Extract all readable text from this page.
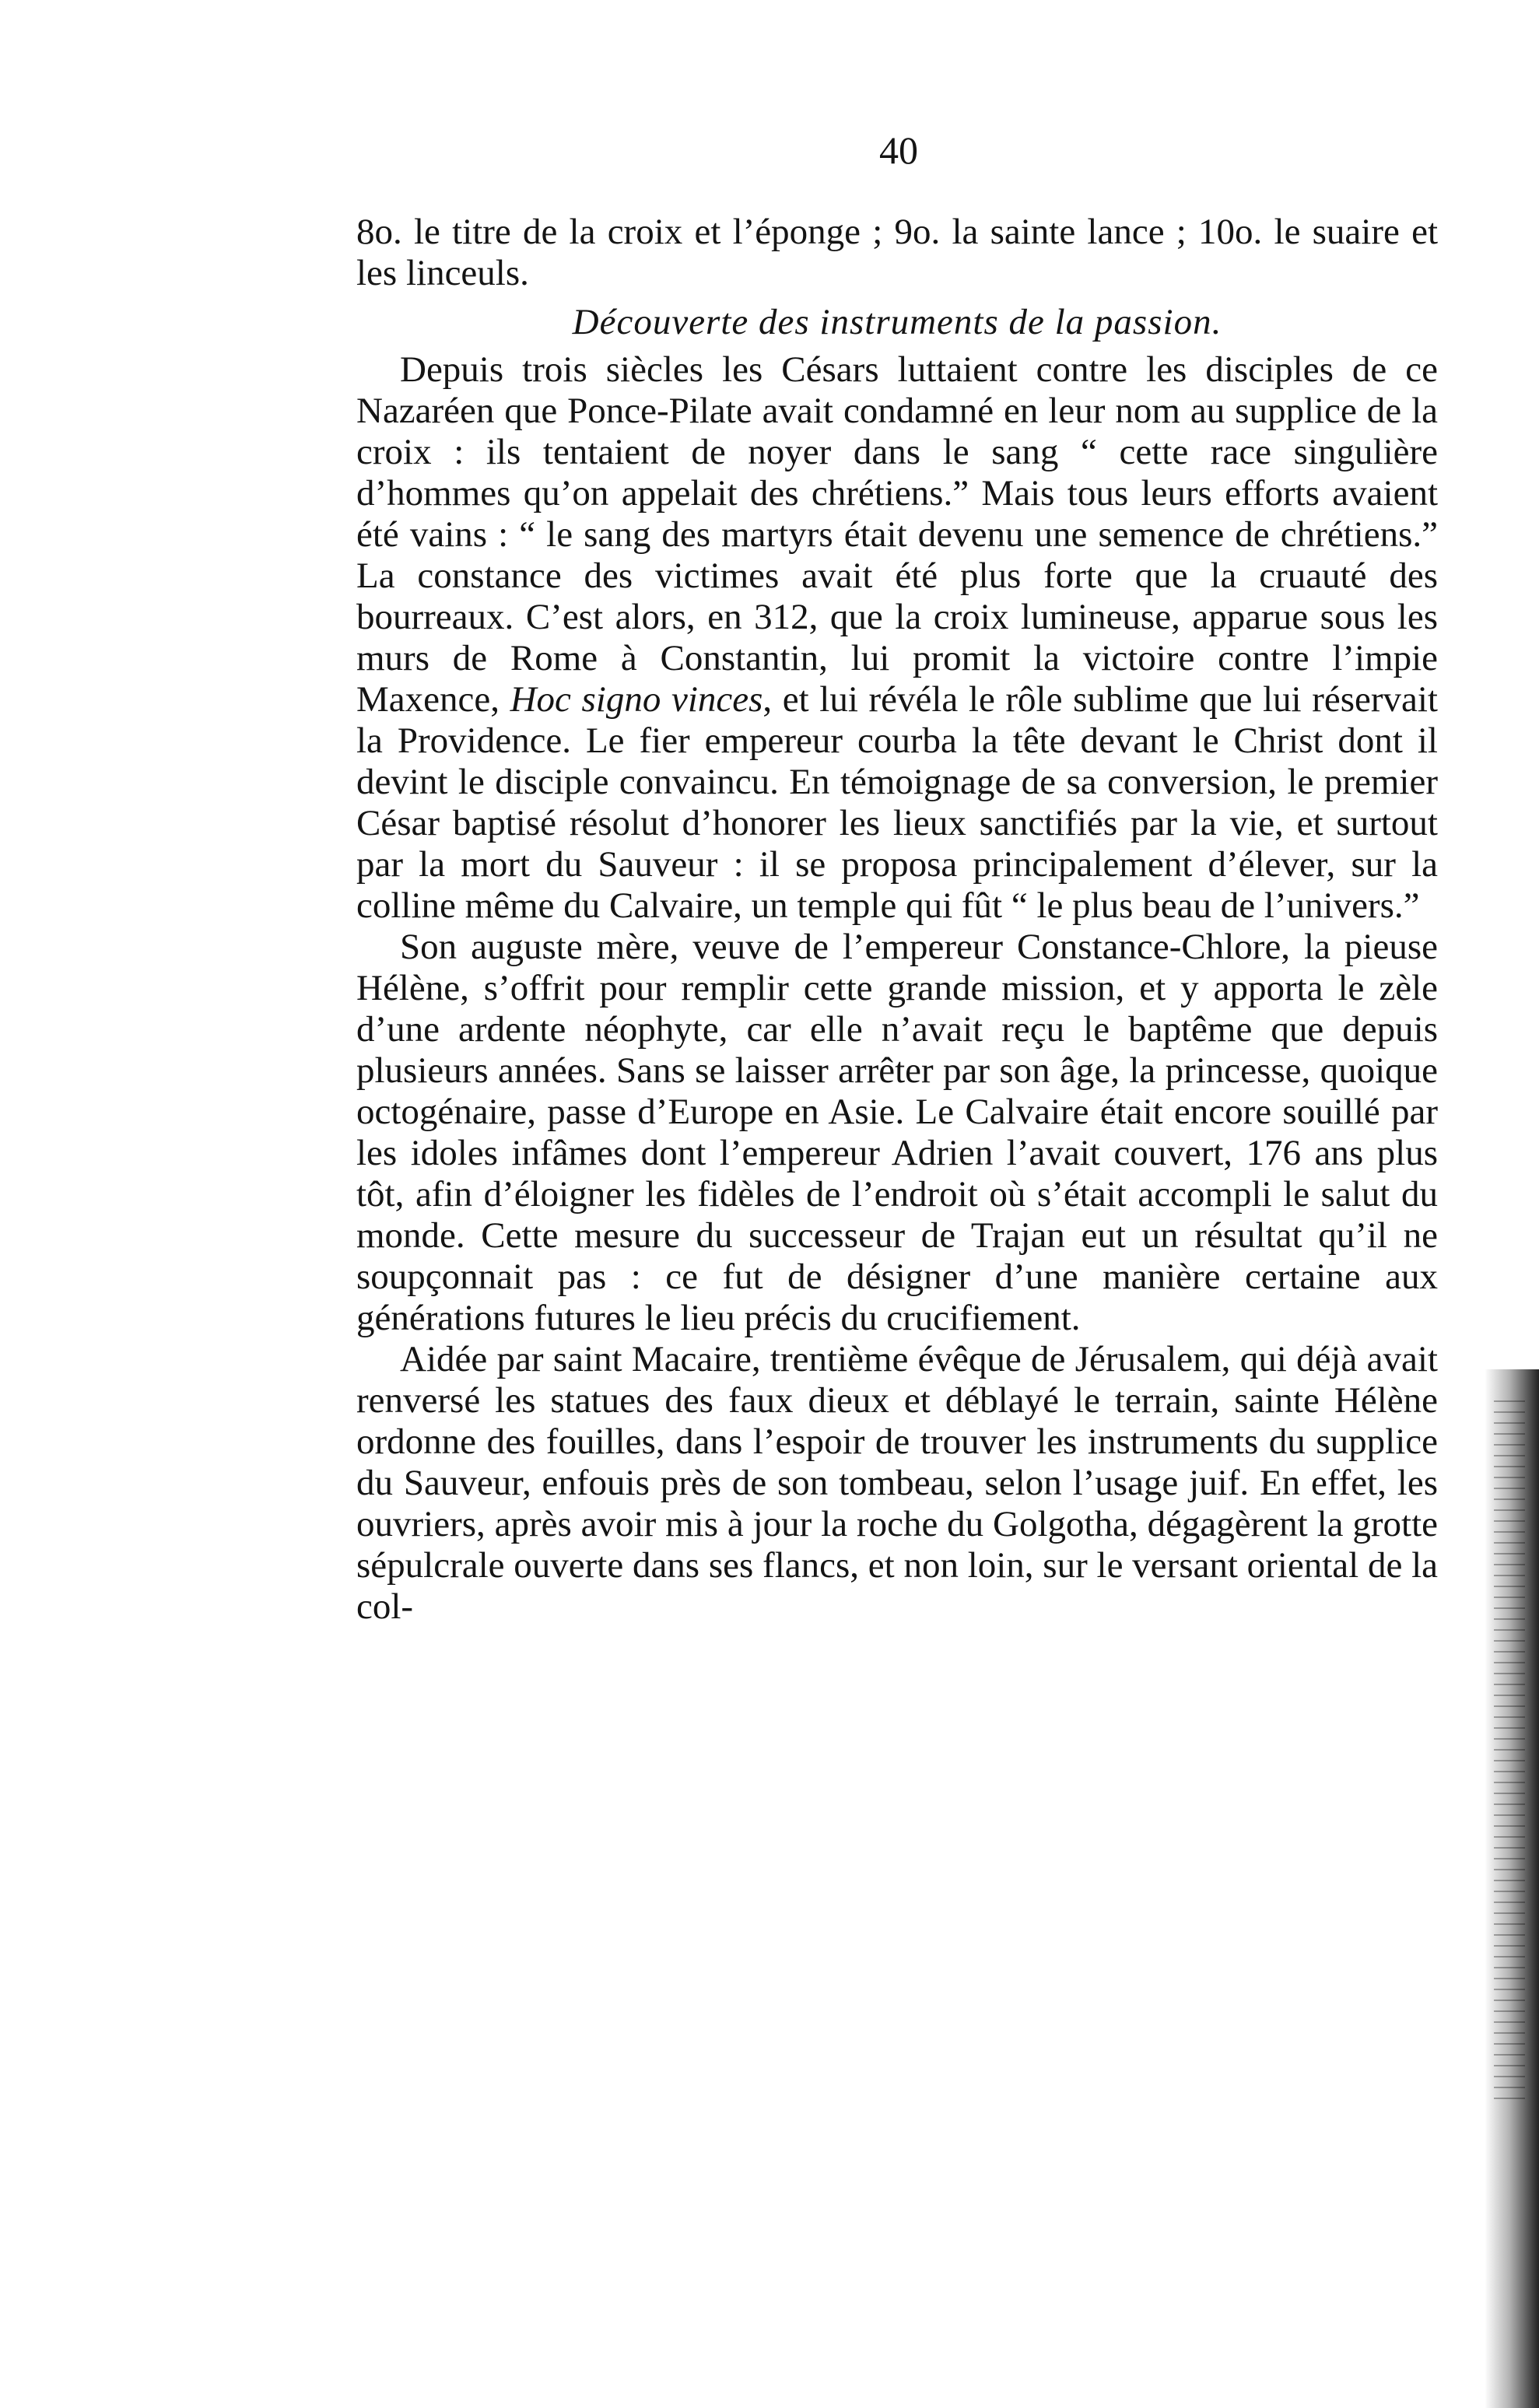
40

8o. le titre de la croix et l’éponge ; 9o. la sainte lance ; 10o. le suaire et les linceuls.

Découverte des instruments de la passion.

Depuis trois siècles les Césars luttaient contre les disciples de ce Nazaréen que Ponce-Pilate avait condamné en leur nom au supplice de la croix : ils tentaient de noyer dans le sang “ cette race singulière d’hommes qu’on appelait des chrétiens.” Mais tous leurs efforts avaient été vains : “ le sang des martyrs était devenu une semence de chrétiens.” La constance des victimes avait été plus forte que la cruauté des bourreaux. C’est alors, en 312, que la croix lumineuse, apparue sous les murs de Rome à Constantin, lui promit la victoire contre l’impie Maxence, Hoc signo vinces, et lui révéla le rôle sublime que lui réservait la Providence. Le fier empereur courba la tête devant le Christ dont il devint le disciple convaincu. En témoignage de sa conversion, le premier César baptisé résolut d’honorer les lieux sanctifiés par la vie, et surtout par la mort du Sauveur : il se proposa principalement d’élever, sur la colline même du Calvaire, un temple qui fût “ le plus beau de l’univers.”

Son auguste mère, veuve de l’empereur Constance-Chlore, la pieuse Hélène, s’offrit pour remplir cette grande mission, et y apporta le zèle d’une ardente néophyte, car elle n’avait reçu le baptême que depuis plusieurs années. Sans se laisser arrêter par son âge, la princesse, quoique octogénaire, passe d’Europe en Asie. Le Calvaire était encore souillé par les idoles infâmes dont l’empereur Adrien l’avait couvert, 176 ans plus tôt, afin d’éloigner les fidèles de l’endroit où s’était accompli le salut du monde. Cette mesure du successeur de Trajan eut un résultat qu’il ne soupçonnait pas : ce fut de désigner d’une manière certaine aux générations futures le lieu précis du crucifiement.

Aidée par saint Macaire, trentième évêque de Jérusalem, qui déjà avait renversé les statues des faux dieux et déblayé le terrain, sainte Hélène ordonne des fouilles, dans l’espoir de trouver les instruments du supplice du Sauveur, enfouis près de son tombeau, selon l’usage juif. En effet, les ouvriers, après avoir mis à jour la roche du Golgotha, dégagèrent la grotte sépulcrale ouverte dans ses flancs, et non loin, sur le versant oriental de la col-
